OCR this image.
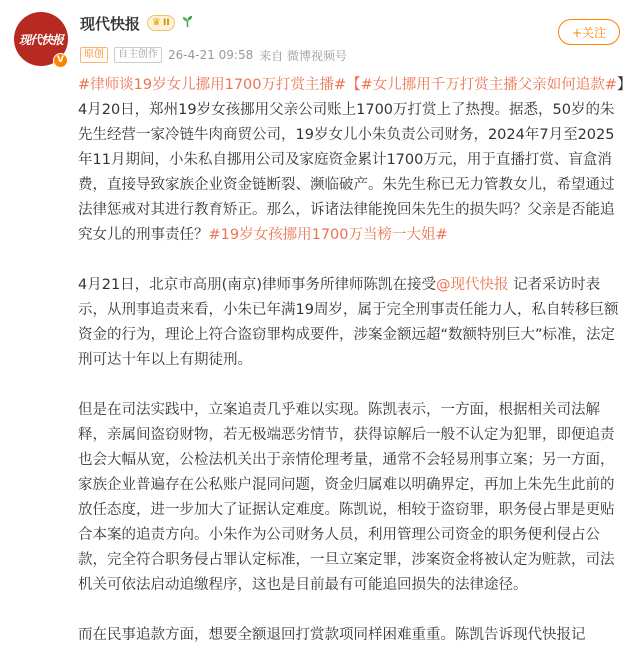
现代快报
V
现代快报 ♛ II
原创	自主创作 26-4-21 09:58 来自 微博视频号
+关注

#律师谈19岁女儿挪用1700万打赏主播#【#女儿挪用千万打赏主播父亲如何追款#】4月20日，郑州19岁女孩挪用父亲公司账上1700万打赏上了热搜。据悉，50岁的朱先生经营一家冷链牛肉商贸公司，19岁女儿小朱负责公司财务，2024年7月至2025年11月期间，小朱私自挪用公司及家庭资金累计1700万元，用于直播打赏、盲盒消费，直接导致家族企业资金链断裂、濒临破产。朱先生称已无力管教女儿，希望通过法律惩戒对其进行教育矫正。那么，诉诸法律能挽回朱先生的损失吗？父亲是否能追究女儿的刑事责任？#19岁女孩挪用1700万当榜一大姐#

4月21日，北京市高朋(南京)律师事务所律师陈凯在接受@现代快报 记者采访时表示，从刑事追责来看，小朱已年满19周岁，属于完全刑事责任能力人，私自转移巨额资金的行为，理论上符合盗窃罪构成要件，涉案金额远超“数额特别巨大”标准，法定刑可达十年以上有期徒刑。

但是在司法实践中，立案追责几乎难以实现。陈凯表示，一方面，根据相关司法解释，亲属间盗窃财物，若无极端恶劣情节，获得谅解后一般不认定为犯罪，即便追责也会大幅从宽，公检法机关出于亲情伦理考量，通常不会轻易刑事立案；另一方面，家族企业普遍存在公私账户混同问题，资金归属难以明确界定，再加上朱先生此前的放任态度，进一步加大了证据认定难度。陈凯说，相较于盗窃罪，职务侵占罪是更贴合本案的追责方向。小朱作为公司财务人员，利用管理公司资金的职务便利侵占公款，完全符合职务侵占罪认定标准，一旦立案定罪，涉案资金将被认定为赃款，司法机关可依法启动追缴程序，这也是目前最有可能追回损失的法律途径。

而在民事追款方面，想要全额退回打赏款项同样困难重重。陈凯告诉现代快报记
